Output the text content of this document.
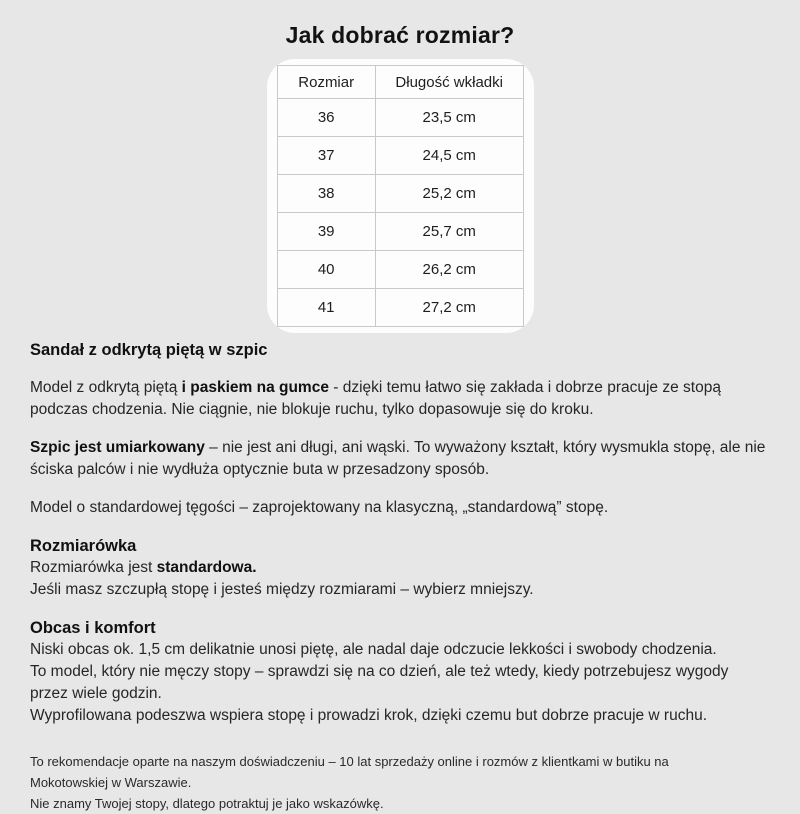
Jak dobrać rozmiar?
Rozmiar	Długość wkładki
36	23,5 cm
37	24,5 cm
38	25,2 cm
39	25,7 cm
40	26,2 cm
41	27,2 cm
Sandał z odkrytą piętą w szpic

Model z odkrytą piętą i paskiem na gumce - dzięki temu łatwo się zakłada i dobrze pracuje ze stopą podczas chodzenia. Nie ciągnie, nie blokuje ruchu, tylko dopasowuje się do kroku.

Szpic jest umiarkowany – nie jest ani długi, ani wąski. To wyważony kształt, który wysmukla stopę, ale nie ściska palców i nie wydłuża optycznie buta w przesadzony sposób.

Model o standardowej tęgości – zaprojektowany na klasyczną, „standardową” stopę.

Rozmiarówka
Rozmiarówka jest standardowa.
Jeśli masz szczupłą stopę i jesteś między rozmiarami – wybierz mniejszy.
Obcas i komfort
Niski obcas ok. 1,5 cm delikatnie unosi piętę, ale nadal daje odczucie lekkości i swobody chodzenia.
To model, który nie męczy stopy – sprawdzi się na co dzień, ale też wtedy, kiedy potrzebujesz wygody przez wiele godzin.
Wyprofilowana podeszwa wspiera stopę i prowadzi krok, dzięki czemu but dobrze pracuje w ruchu.
To rekomendacje oparte na naszym doświadczeniu – 10 lat sprzedaży online i rozmów z klientkami w butiku na Mokotowskiej w Warszawie.
Nie znamy Twojej stopy, dlatego potraktuj je jako wskazówkę.
